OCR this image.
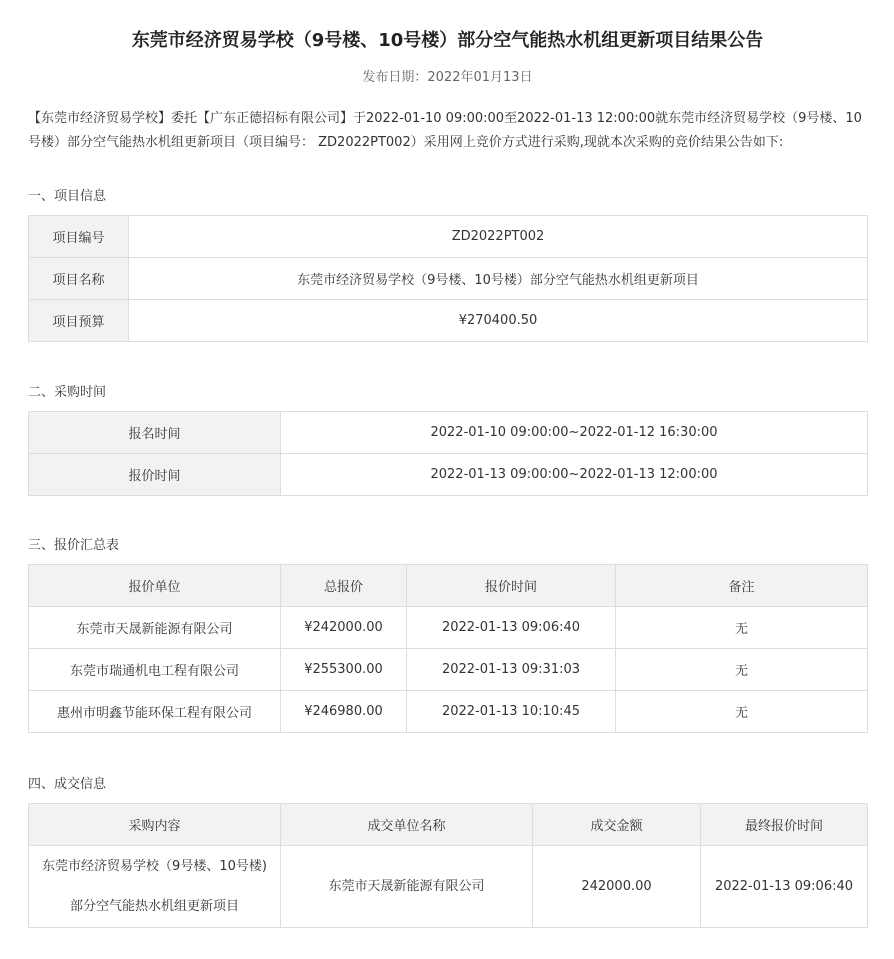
东莞市经济贸易学校（9号楼、10号楼）部分空气能热水机组更新项目结果公告
发布日期：2022年01月13日
【东莞市经济贸易学校】委托【广东正德招标有限公司】于2022-01-10 09:00:00至2022-01-13 12:00:00就东莞市经济贸易学校（9号楼、10号楼）部分空气能热水机组更新项目（项目编号： ZD2022PT002）采用网上竞价方式进行采购,现就本次采购的竞价结果公告如下:
一、项目信息
项目编号	ZD2022PT002
项目名称	东莞市经济贸易学校（9号楼、10号楼）部分空气能热水机组更新项目
项目预算	¥270400.50
二、采购时间
报名时间	2022-01-10 09:00:00~2022-01-12 16:30:00
报价时间	2022-01-13 09:00:00~2022-01-13 12:00:00
三、报价汇总表
报价单位	总报价	报价时间	备注
东莞市天晟新能源有限公司	¥242000.00	2022-01-13 09:06:40	无
东莞市瑞通机电工程有限公司	¥255300.00	2022-01-13 09:31:03	无
惠州市明鑫节能环保工程有限公司	¥246980.00	2022-01-13 10:10:45	无
四、成交信息
采购内容	成交单位名称	成交金额	最终报价时间

东莞市经济贸易学校（9号楼、10号楼)
部分空气能热水机组更新项目	东莞市天晟新能源有限公司	242000.00	2022-01-13 09:06:40
